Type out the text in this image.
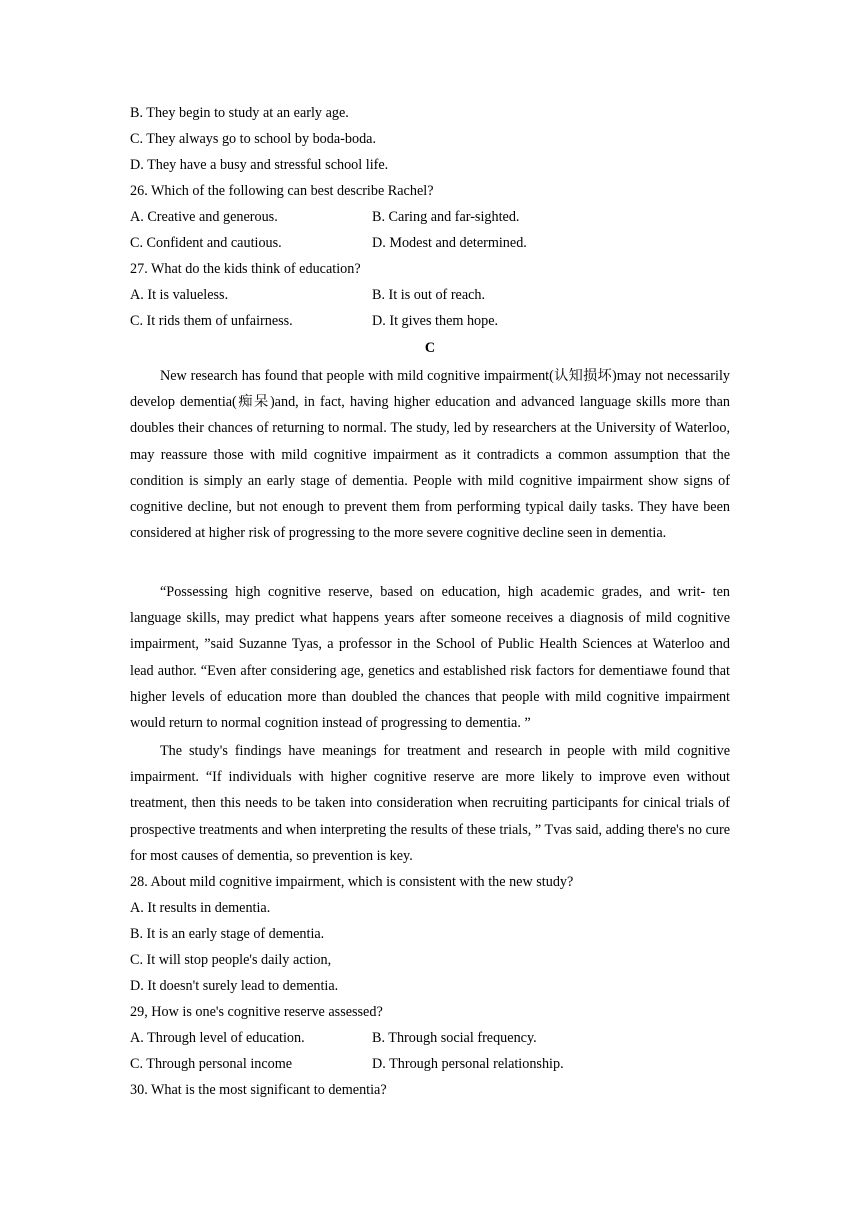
B. They begin to study at an early age.
C. They always go to school by boda-boda.
D. They have a busy and stressful school life.
26. Which of the following can best describe Rachel?
A. Creative and generous.	B. Caring and far-sighted.
C. Confident and cautious.	D. Modest and determined.
27. What do the kids think of education?
A. It is valueless.	B. It is out of reach.
C. It rids them of unfairness.	D. It gives them hope.
C

New research has found that people with mild cognitive impairment(认知损坏)may not necessarily develop dementia(痴呆)and, in fact, having higher education and advanced language skills more than doubles their chances of returning to normal. The study, led by researchers at the University of Waterloo, may reassure those with mild cognitive impairment as it contradicts a common assumption that the condition is simply an early stage of dementia. People with mild cognitive impairment show signs of cognitive decline, but not enough to prevent them from performing typical daily tasks. They have been considered at higher risk of progressing to the more severe cognitive decline seen in dementia.

“Possessing high cognitive reserve, based on education, high academic grades, and writ- ten language skills, may predict what happens years after someone receives a diagnosis of mild cognitive impairment, ”said Suzanne Tyas, a professor in the School of Public Health Sciences at Waterloo and lead author. “Even after considering age, genetics and established risk factors for dementiawe found that higher levels of education more than doubled the chances that people with mild cognitive impairment would return to normal cognition instead of progressing to dementia. ”

The study's findings have meanings for treatment and research in people with mild cognitive impairment. “If individuals with higher cognitive reserve are more likely to improve even without treatment, then this needs to be taken into consideration when recruiting participants for cinical trials of prospective treatments and when interpreting the results of these trials, ” Tvas said, adding there's no cure for most causes of dementia, so prevention is key.

28. About mild cognitive impairment, which is consistent with the new study?
A. It results in dementia.
B. It is an early stage of dementia.
C. It will stop people's daily action,
D. It doesn't surely lead to dementia.
29, How is one's cognitive reserve assessed?
A. Through level of education.	B. Through social frequency.
C. Through personal income	D. Through personal relationship.
30. What is the most significant to dementia?
